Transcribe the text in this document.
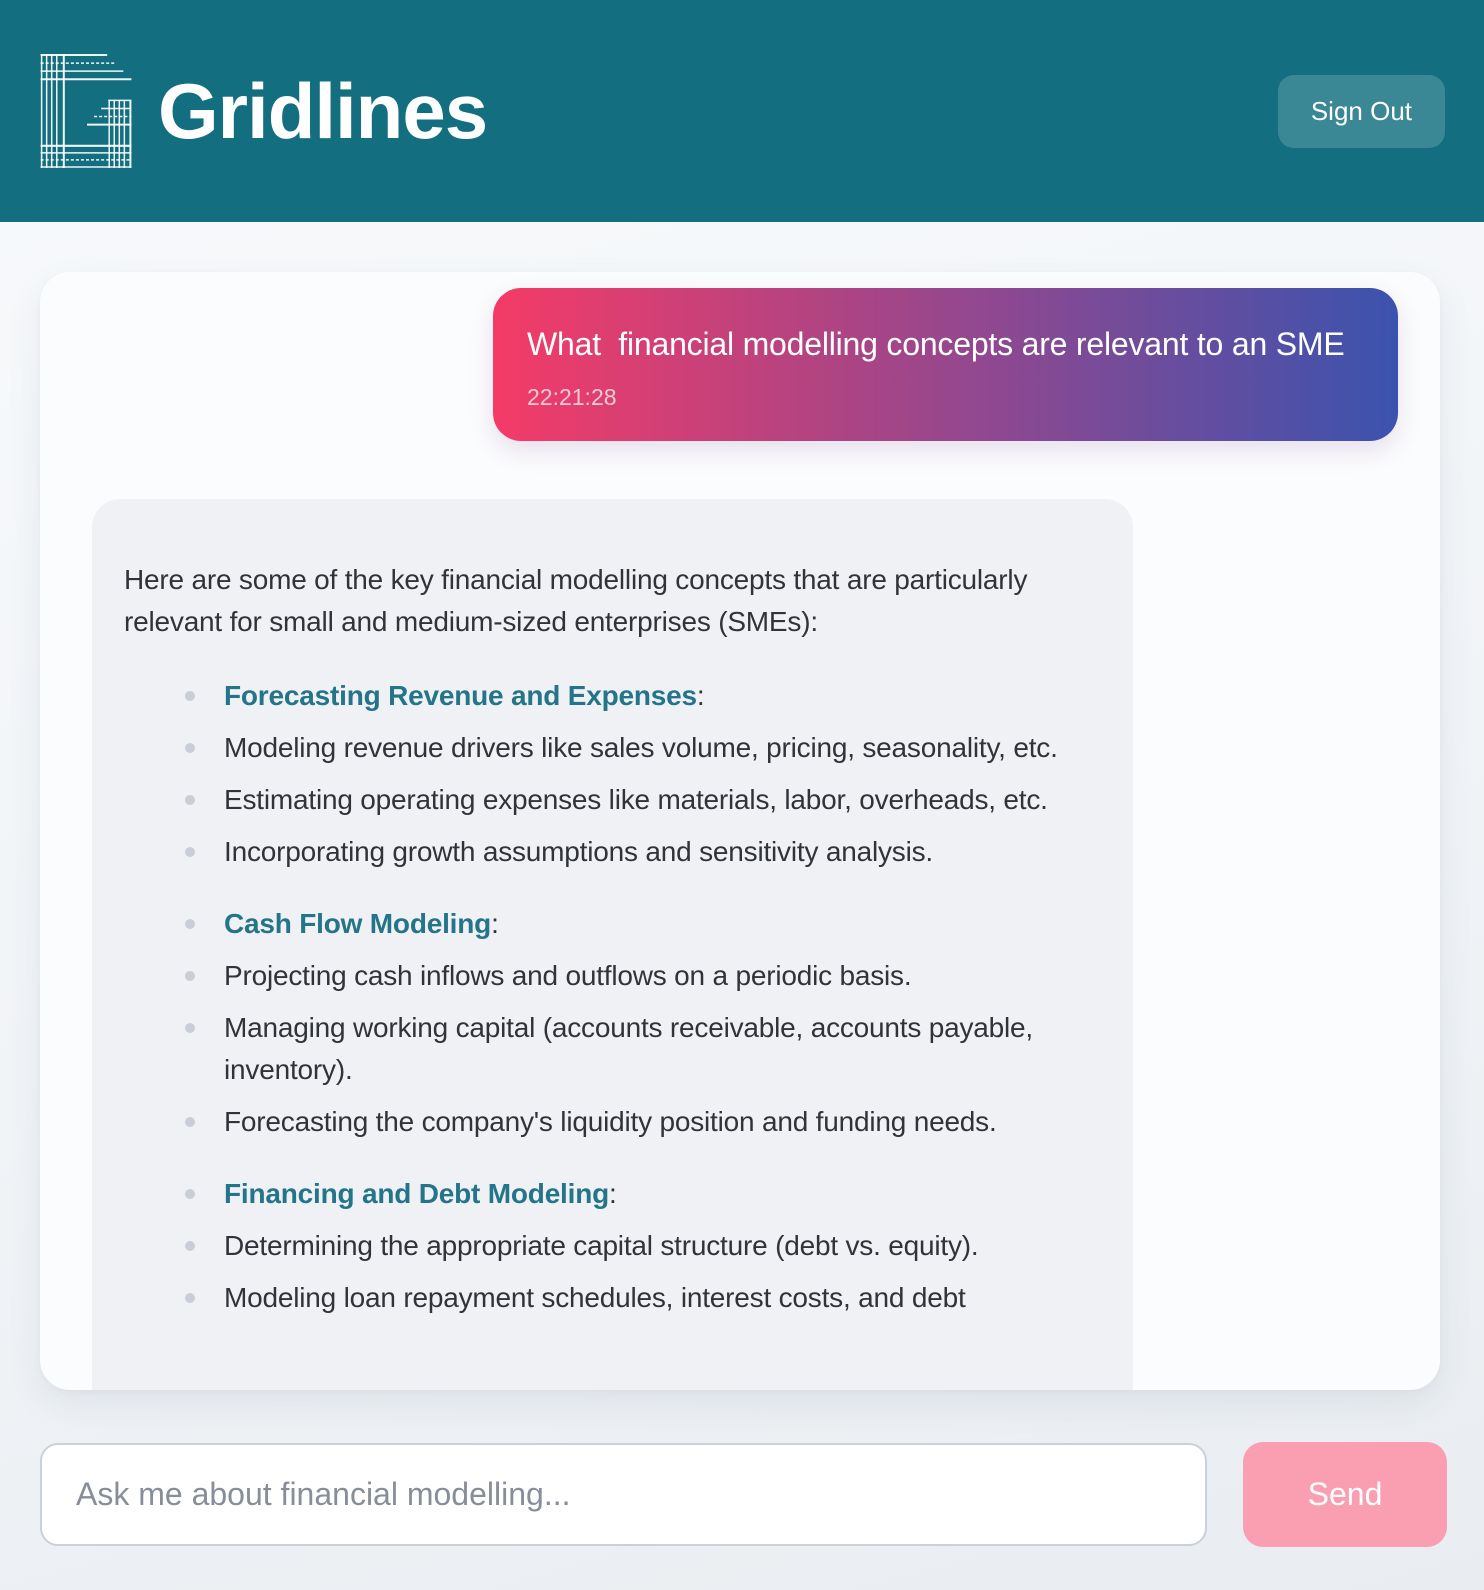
Gridlines	Sign Out
What  financial modelling concepts are relevant to an SME
22:21:28
Here are some of the key financial modelling concepts that are particularly relevant for small and medium-sized enterprises (SMEs):
Forecasting Revenue and Expenses:
Modeling revenue drivers like sales volume, pricing, seasonality, etc.
Estimating operating expenses like materials, labor, overheads, etc.
Incorporating growth assumptions and sensitivity analysis.
Cash Flow Modeling:
Projecting cash inflows and outflows on a periodic basis.
Managing working capital (accounts receivable, accounts payable, inventory).
Forecasting the company's liquidity position and funding needs.
Financing and Debt Modeling:
Determining the appropriate capital structure (debt vs. equity).
Modeling loan repayment schedules, interest costs, and debt
Ask me about financial modelling...
Send
